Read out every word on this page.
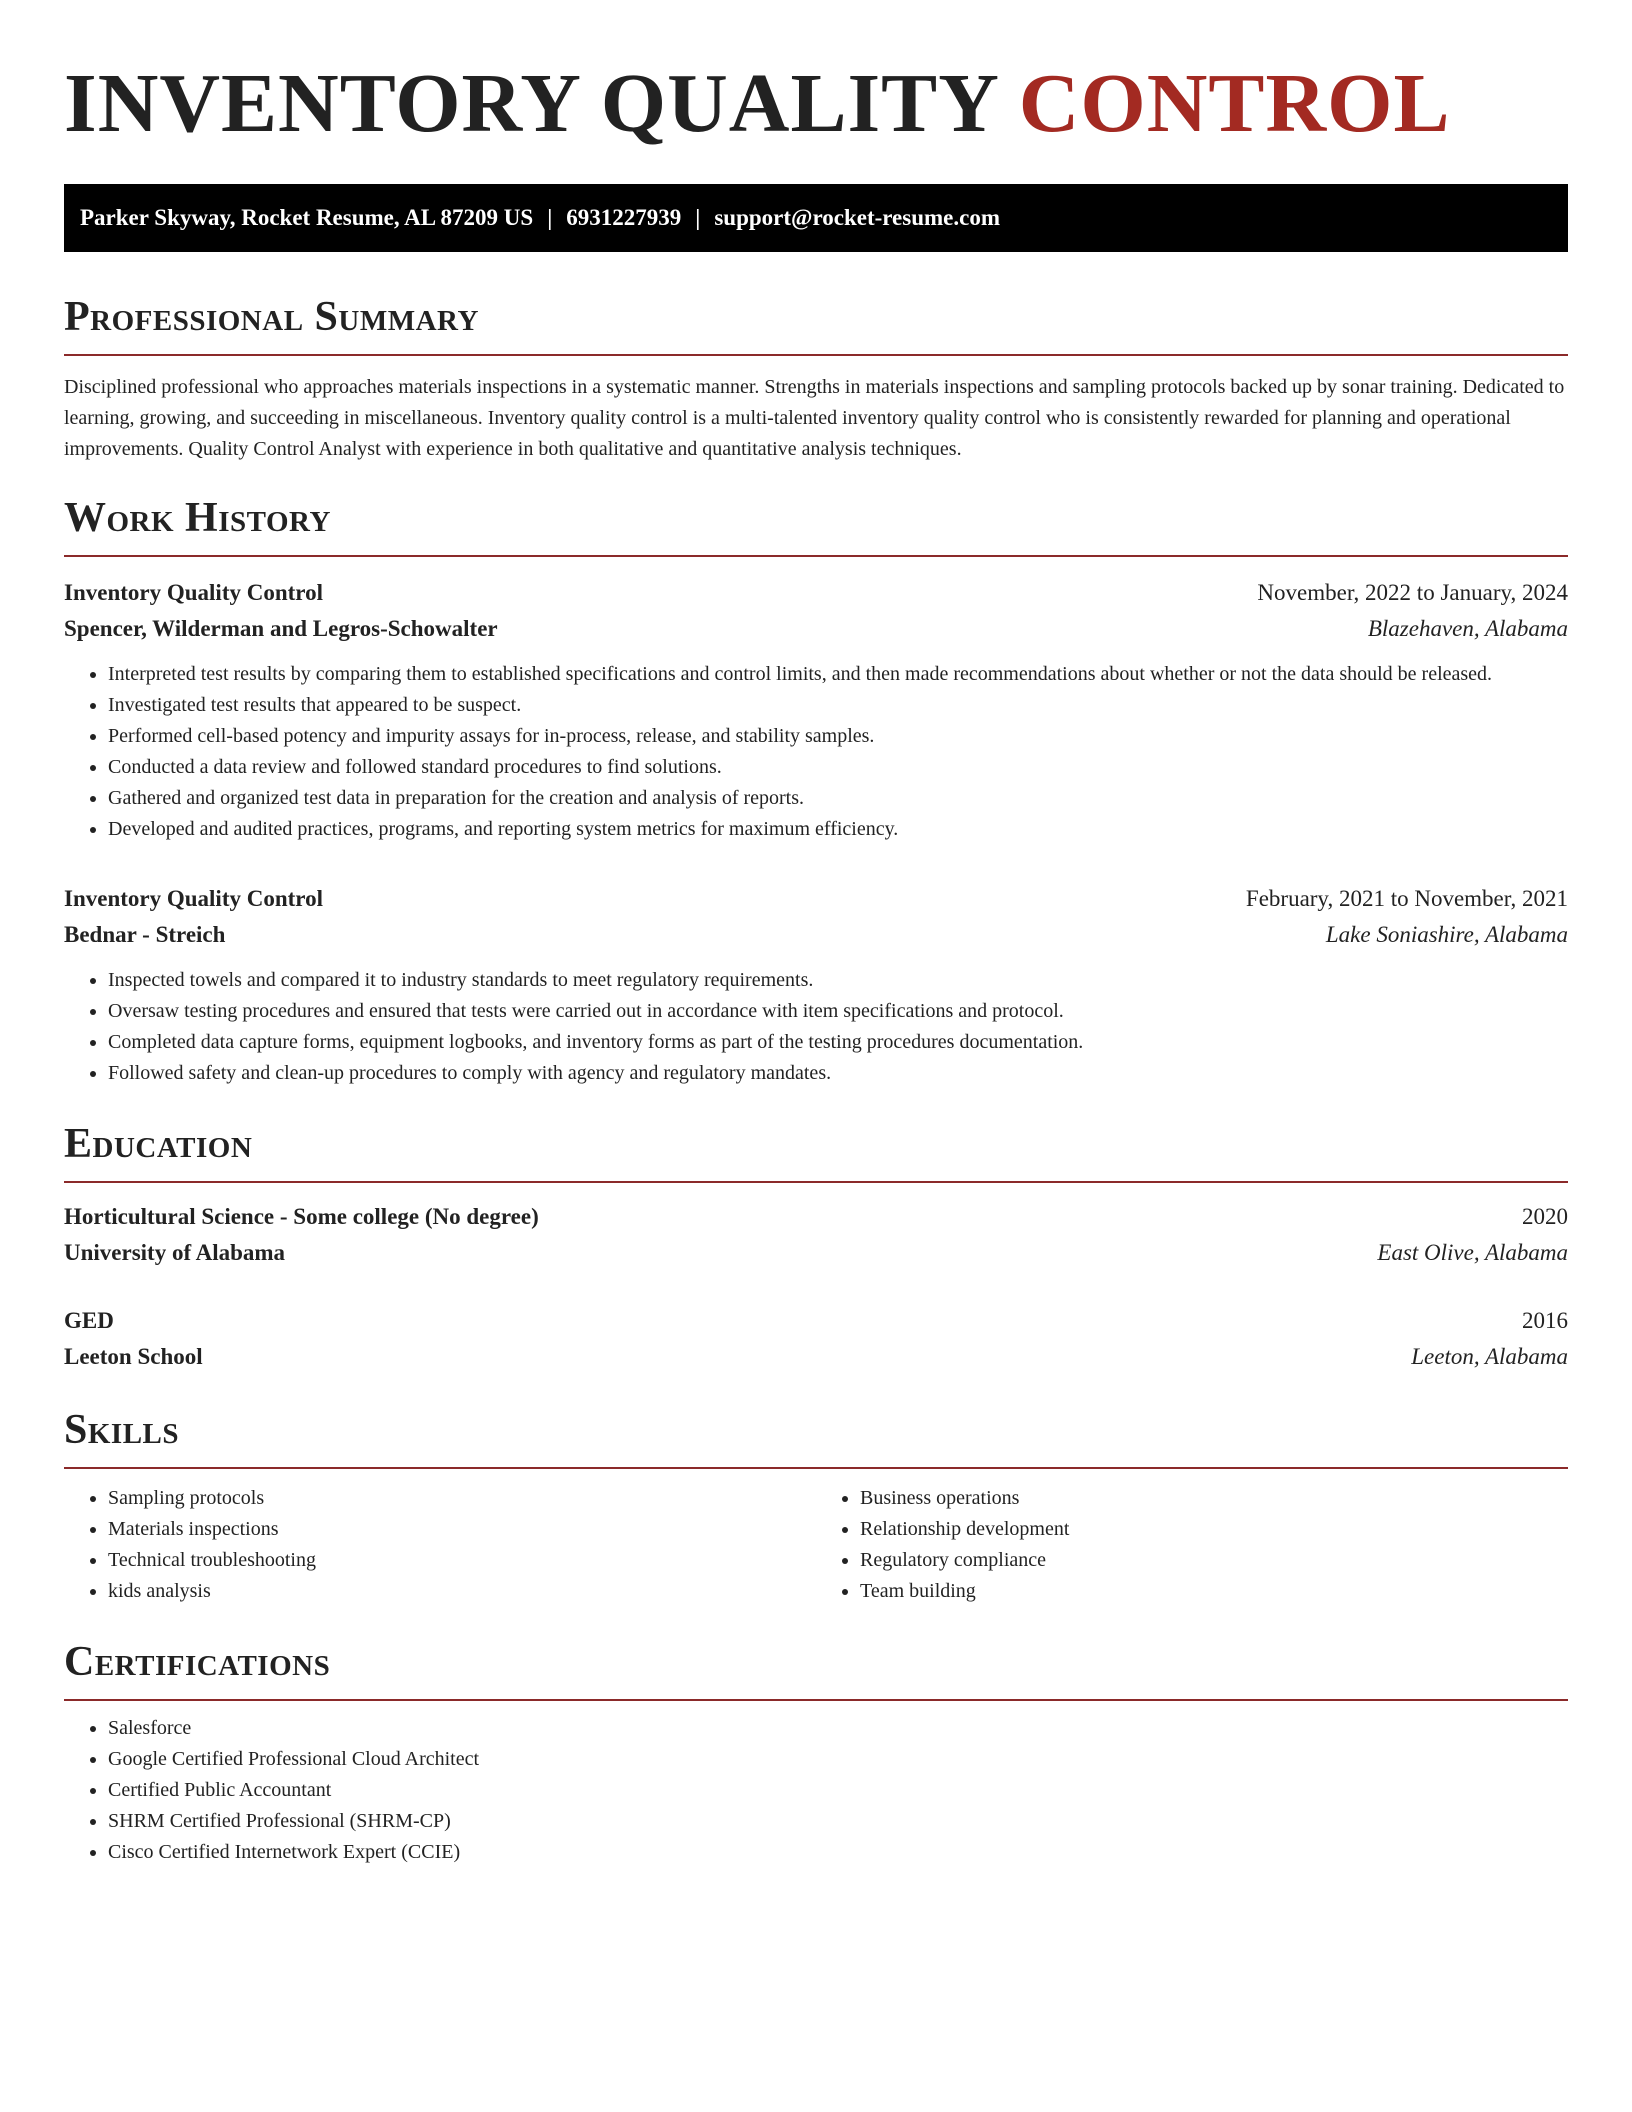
INVENTORY QUALITY CONTROL
Parker Skyway, Rocket Resume, AL 87209 US | 6931227939 | support@rocket-resume.com
Professional Summary

Disciplined professional who approaches materials inspections in a systematic manner. Strengths in materials inspections and sampling protocols backed up by sonar training. Dedicated to learning, growing, and succeeding in miscellaneous. Inventory quality control is a multi-talented inventory quality control who is consistently rewarded for planning and operational improvements. Quality Control Analyst with experience in both qualitative and quantitative analysis techniques.

Work History
Inventory Quality Control	November, 2022 to January, 2024
Spencer, Wilderman and Legros-Schowalter	Blazehaven, Alabama
• Interpreted test results by comparing them to established specifications and control limits, and then made recommendations about whether or not the data should be released.
• Investigated test results that appeared to be suspect.
• Performed cell-based potency and impurity assays for in-process, release, and stability samples.
• Conducted a data review and followed standard procedures to find solutions.
• Gathered and organized test data in preparation for the creation and analysis of reports.
• Developed and audited practices, programs, and reporting system metrics for maximum efficiency.
Inventory Quality Control	February, 2021 to November, 2021
Bednar - Streich	Lake Soniashire, Alabama
• Inspected towels and compared it to industry standards to meet regulatory requirements.
• Oversaw testing procedures and ensured that tests were carried out in accordance with item specifications and protocol.
• Completed data capture forms, equipment logbooks, and inventory forms as part of the testing procedures documentation.
• Followed safety and clean-up procedures to comply with agency and regulatory mandates.
Education
Horticultural Science - Some college (No degree)	2020
University of Alabama	East Olive, Alabama
GED	2016
Leeton School	Leeton, Alabama
Skills
• Sampling protocols
• Materials inspections
• Technical troubleshooting
• kids analysis
• Business operations
• Relationship development
• Regulatory compliance
• Team building
Certifications
• Salesforce
• Google Certified Professional Cloud Architect
• Certified Public Accountant
• SHRM Certified Professional (SHRM-CP)
• Cisco Certified Internetwork Expert (CCIE)
